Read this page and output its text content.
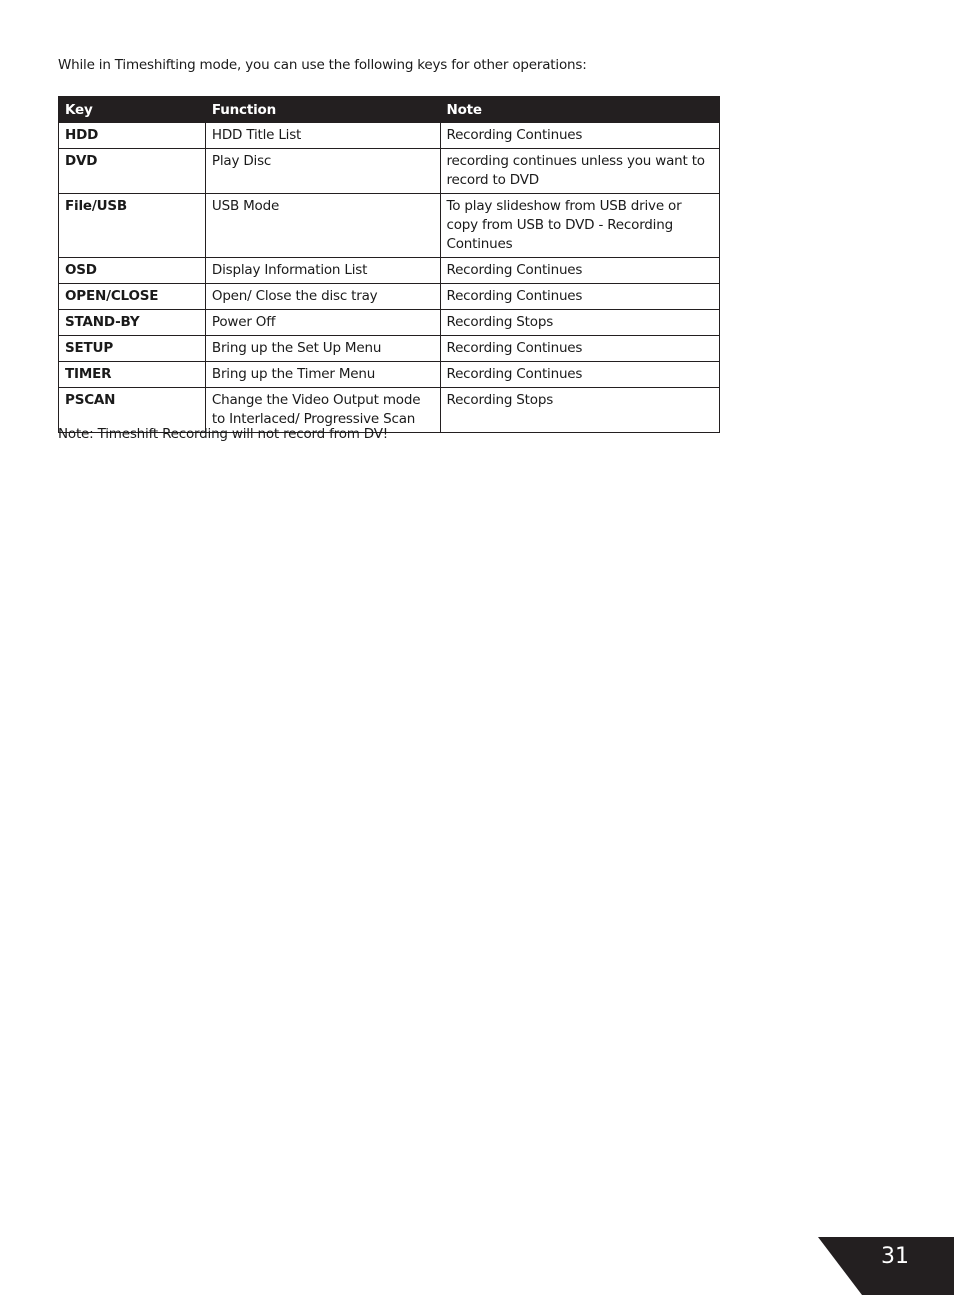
While in Timeshifting mode, you can use the following keys for other operations:
Key	Function	Note
HDD	HDD Title List	Recording Continues
DVD	Play Disc	recording continues unless you want to record to DVD
File/USB	USB Mode	To play slideshow from USB drive or copy from USB to DVD - Recording Continues
OSD	Display Information List	Recording Continues
OPEN/CLOSE	Open/ Close the disc tray	Recording Continues
STAND-BY	Power Off	Recording Stops
SETUP	Bring up the Set Up Menu	Recording Continues
TIMER	Bring up the Timer Menu	Recording Continues
PSCAN	Change the Video Output mode to Interlaced/ Progressive Scan	Recording Stops
Note: Timeshift Recording will not record from DV!
31
